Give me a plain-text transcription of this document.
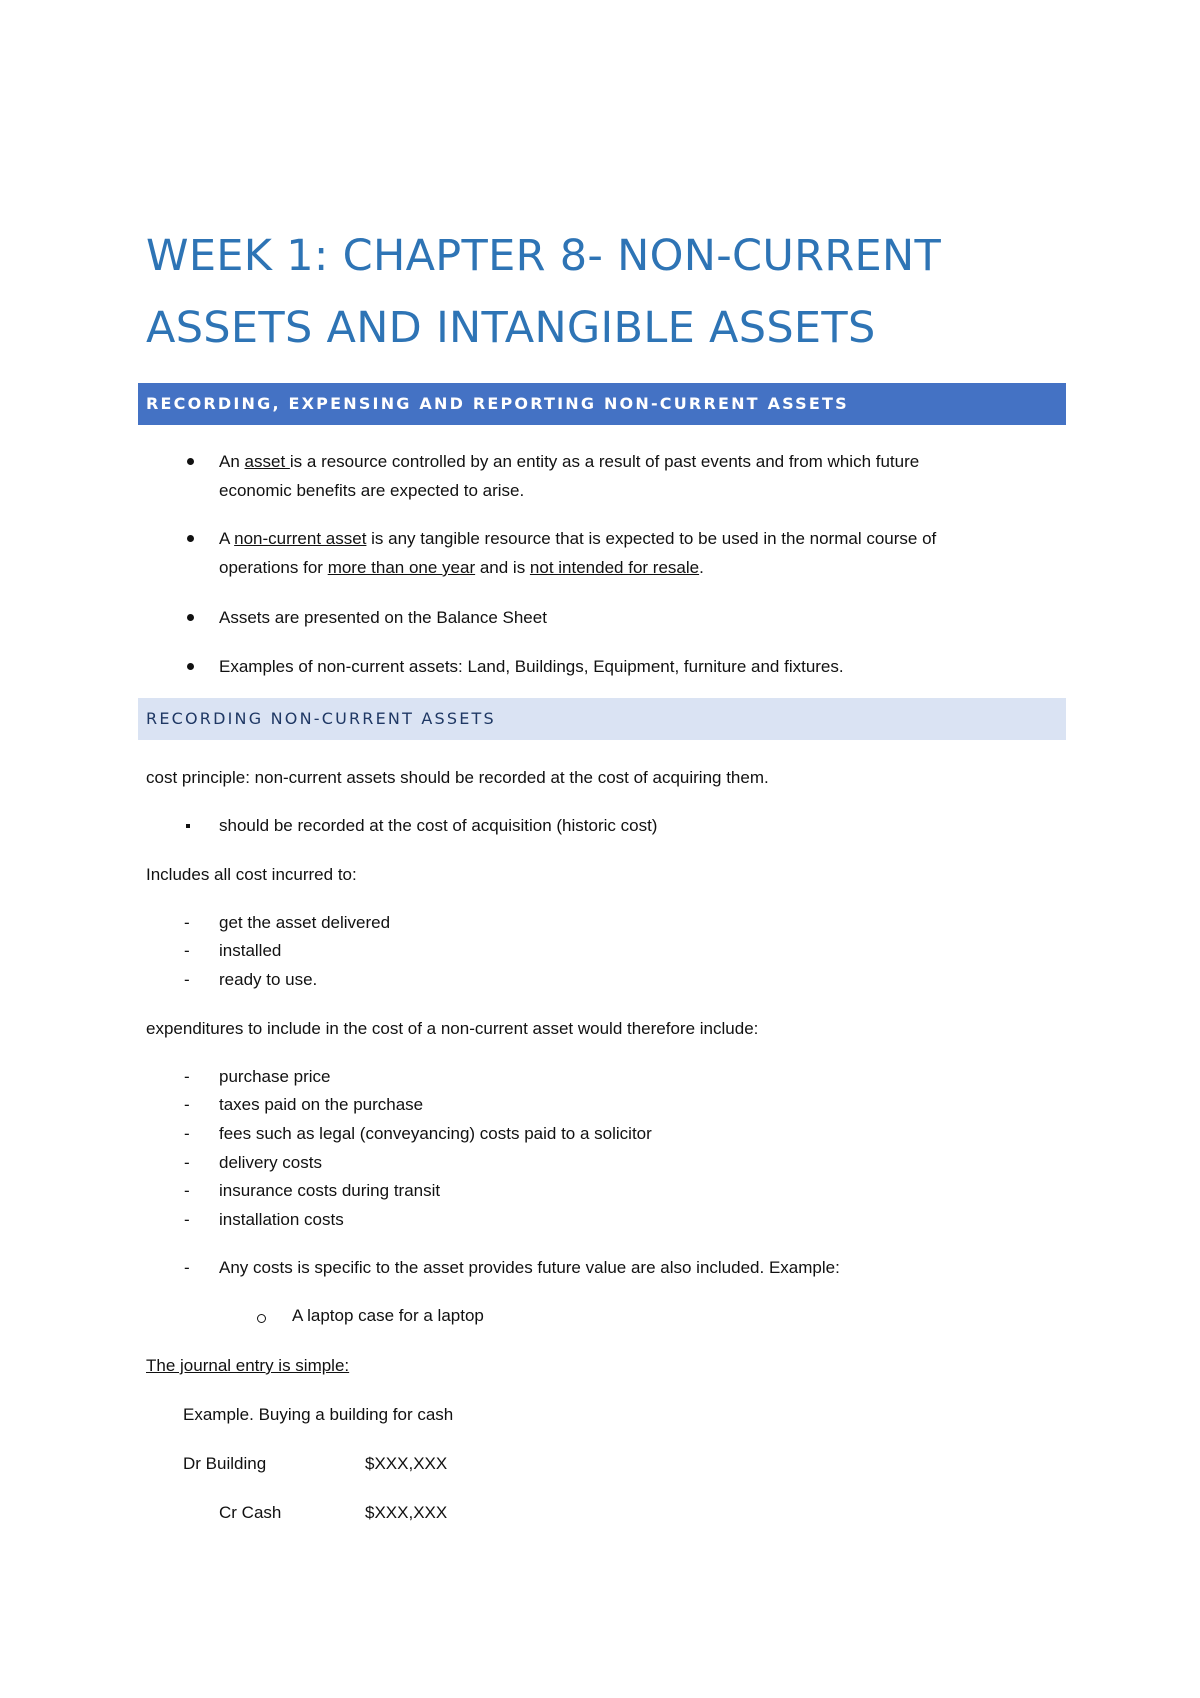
WEEK 1: CHAPTER 8- NON-CURRENT
ASSETS AND INTANGIBLE ASSETS
RECORDING, EXPENSING AND REPORTING NON-CURRENT ASSETS
An asset is a resource controlled by an entity as a result of past events and from which future
economic benefits are expected to arise.
A non-current asset is any tangible resource that is expected to be used in the normal course of
operations for more than one year and is not intended for resale.
Assets are presented on the Balance Sheet
Examples of non-current assets: Land, Buildings, Equipment, furniture and fixtures.
RECORDING NON-CURRENT ASSETS
cost principle: non-current assets should be recorded at the cost of acquiring them.
should be recorded at the cost of acquisition (historic cost)
Includes all cost incurred to:
- get the asset delivered
- installed
- ready to use.
expenditures to include in the cost of a non-current asset would therefore include:
- purchase price
- taxes paid on the purchase
- fees such as legal (conveyancing) costs paid to a solicitor
- delivery costs
- insurance costs during transit
- installation costs
- Any costs is specific to the asset provides future value are also included. Example:
A laptop case for a laptop
The journal entry is simple:
Example. Buying a building for cash
Dr Building	$XXX,XXX
Cr Cash	$XXX,XXX
